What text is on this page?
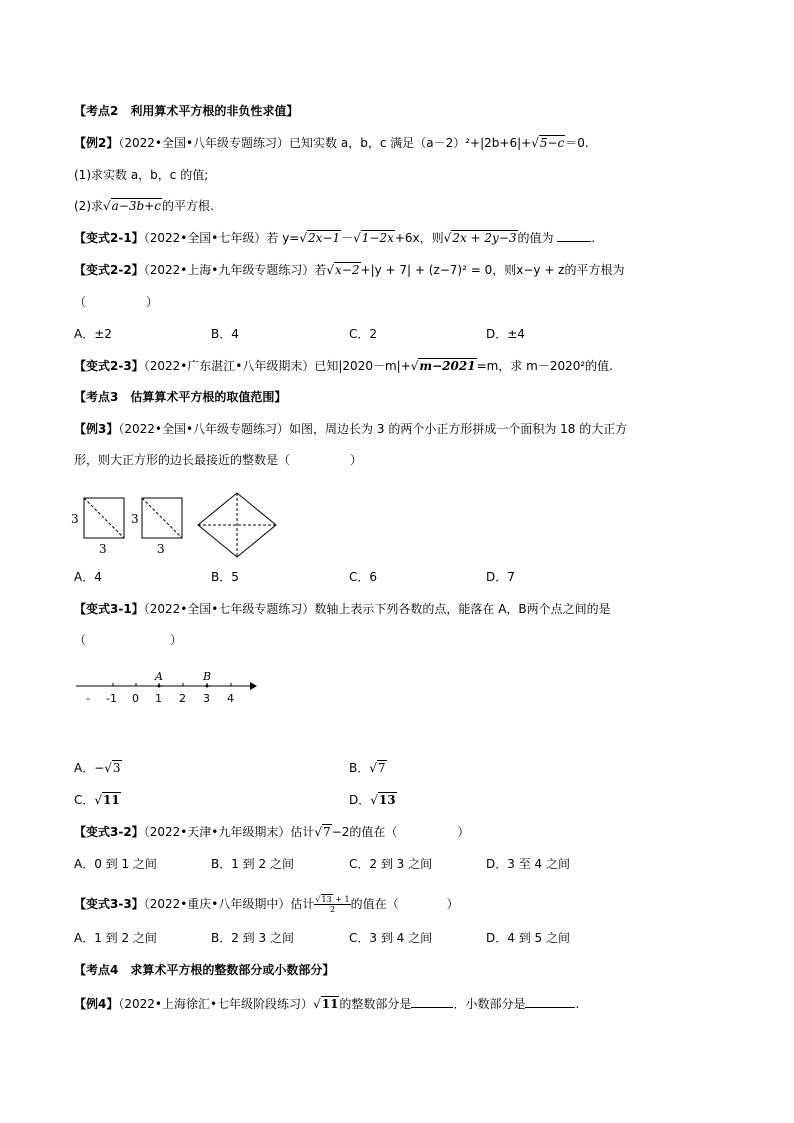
【考点2　利用算术平方根的非负性求值】
【例2】（2022•全国•八年级专题练习）已知实数 a，b，c 满足（a－2）²+|2b+6|+√5−c＝0.
(1)求实数 a，b，c 的值;
(2)求√a−3b+c的平方根.
【变式2-1】（2022•全国•七年级）若 y=√2x−1－√1−2x+6x，则√2x + 2y−3的值为	.
【变式2-2】（2022•上海•九年级专题练习）若√x−2+|y + 7| + (z−7)² = 0，则x−y + z的平方根为
（　　　　　）
A．±2	B．4	C．2	D．±4
【变式2-3】（2022•广东湛江•八年级期末）已知|2020－m|+√m−2021=m，求 m－2020²的值.
【考点3　估算算术平方根的取值范围】
【例3】（2022•全国•八年级专题练习）如图，周边长为 3 的两个小正方形拼成一个面积为 18 的大正方
形，则大正方形的边长最接近的整数是（　　　　　）
3
3
3
3
A．4	B．5	C．6	D．7
【变式3-1】（2022•全国•七年级专题练习）数轴上表示下列各数的点，能落在 A，B两个点之间的是
（　　　　　　　）
A	B
- -1 0 1 2 3 4
A．−√3	B．√7
C．√11	D．√13
【变式3-2】（2022•天津•九年级期末）估计√7−2的值在（　　　　　）
A．0 到 1 之间	B．1 到 2 之间	C．2 到 3 之间	D．3 至 4 之间
【变式3-3】（2022•重庆•八年级期中）估计 $\frac{√13 + 1}{2}$ 的值在（　　　　）
A．1 到 2 之间	B．2 到 3 之间	C．3 到 4 之间	D．4 到 5 之间
【考点4　求算术平方根的整数部分或小数部分】
【例4】（2022•上海徐汇•七年级阶段练习）√11的整数部分是	．小数部分是	.
